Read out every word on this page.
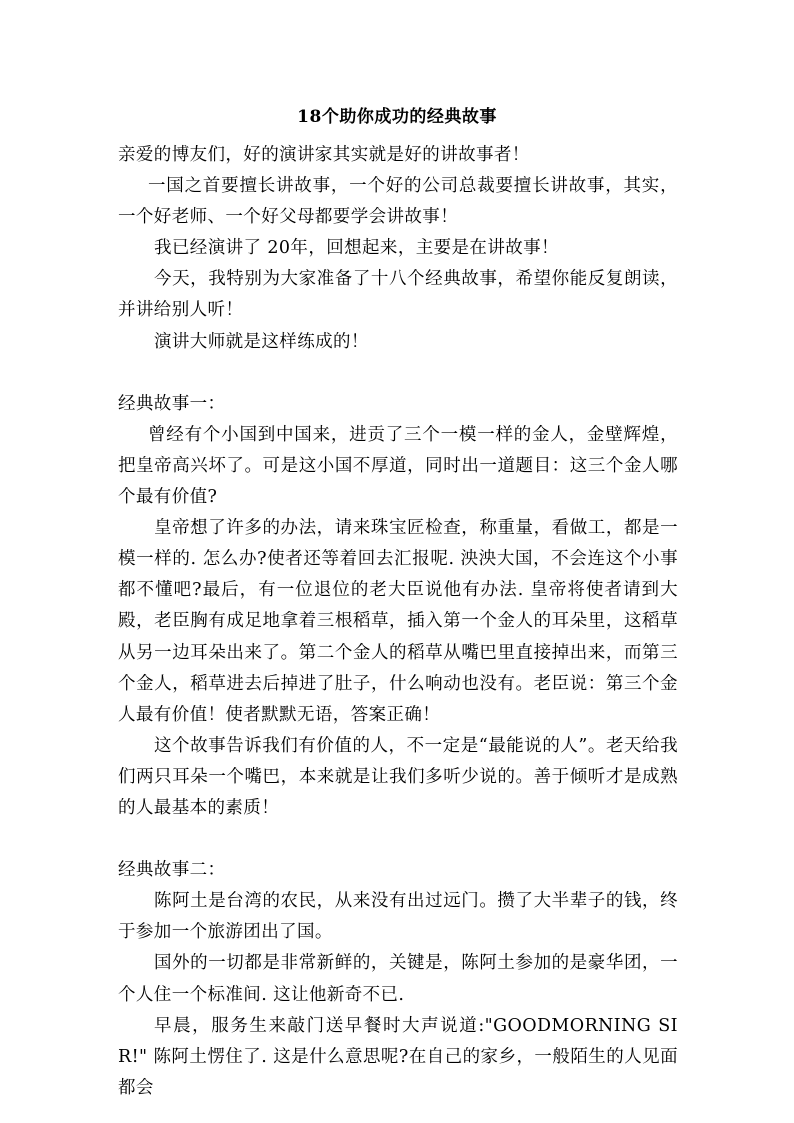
18个助你成功的经典故事

亲爱的博友们，好的演讲家其实就是好的讲故事者！

一国之首要擅长讲故事，一个好的公司总裁要擅长讲故事，其实，一个好老师、一个好父母都要学会讲故事！

我已经演讲了 20年，回想起来，主要是在讲故事！

今天，我特别为大家准备了十八个经典故事，希望你能反复朗读，并讲给别人听！

演讲大师就是这样练成的！

经典故事一：

曾经有个小国到中国来，进贡了三个一模一样的金人，金壁辉煌，把皇帝高兴坏了。可是这小国不厚道，同时出一道题目：这三个金人哪个最有价值?

皇帝想了许多的办法，请来珠宝匠检查，称重量，看做工，都是一模一样的. 怎么办?使者还等着回去汇报呢. 泱泱大国，不会连这个小事都不懂吧?最后，有一位退位的老大臣说他有办法. 皇帝将使者请到大殿，老臣胸有成足地拿着三根稻草，插入第一个金人的耳朵里，这稻草从另一边耳朵出来了。第二个金人的稻草从嘴巴里直接掉出来，而第三个金人，稻草进去后掉进了肚子，什么响动也没有。老臣说：第三个金人最有价值！使者默默无语，答案正确！

这个故事告诉我们有价值的人，不一定是“最能说的人”。老天给我们两只耳朵一个嘴巴，本来就是让我们多听少说的。善于倾听才是成熟的人最基本的素质！

经典故事二：

陈阿土是台湾的农民，从来没有出过远门。攒了大半辈子的钱，终于参加一个旅游团出了国。

国外的一切都是非常新鲜的，关键是，陈阿土参加的是豪华团，一个人住一个标准间. 这让他新奇不已.

早晨，服务生来敲门送早餐时大声说道:"GOODMORNING SIR!" 陈阿土愣住了. 这是什么意思呢?在自己的家乡，一般陌生的人见面都会
